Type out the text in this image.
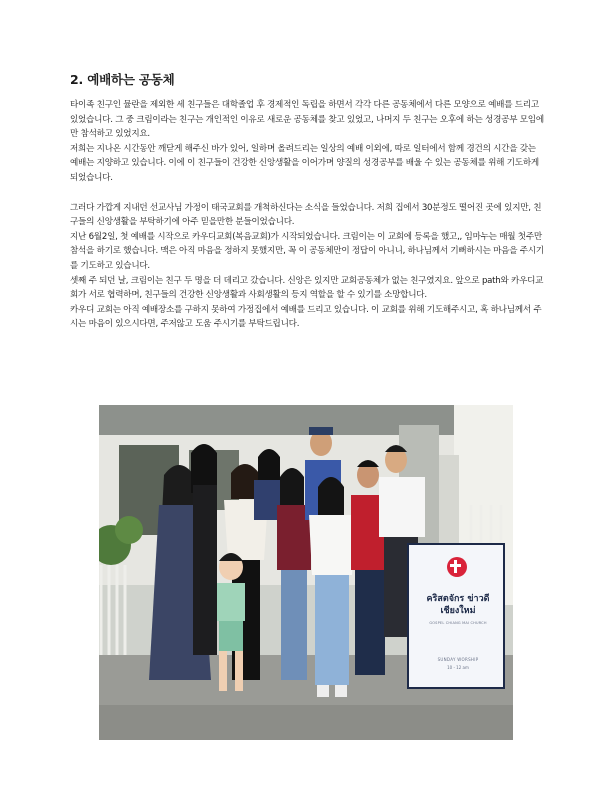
2. 예배하는 공동체

타이족 친구인 뮬란을 제외한 세 친구들은 대학졸업 후 경제적인 독립을 하면서 각각 다른 공동체에서 다른 모양으로 예배를 드리고 있었습니다. 그 중 크림이라는 친구는 개인적인 이유로 새로운 공동체를 찾고 있었고, 나머지 두 친구는 오후에 하는 성경공부 모임에만 참석하고 있었지요.

저희는 지나온 시간동안 깨닫게 해주신 바가 있어, 일하며 올려드리는 일상의 예배 이외에, 따로 일터에서 함께 경건의 시간을 갖는 예배는 지양하고 있습니다. 이에 이 친구들이 건강한 신앙생활을 이어가며 양질의 성경공부를 배울 수 있는 공동체를 위해 기도하게 되었습니다.

그러다 가깝게 지내던 선교사님 가정이 태국교회를 개척하신다는 소식을 들었습니다. 저희 집에서 30분정도 떨어진 곳에 있지만, 친구들의 신앙생활을 부탁하기에 아주 믿을만한 분들이었습니다.

지난 6월2일, 첫 예배를 시작으로 카우디교회(복음교회)가 시작되었습니다. 크림이는 이 교회에 등록을 했고,, 임마누는 매월 첫주만 참석을 하기로 했습니다. 맥은 아직 마음을 정하지 못했지만, 꼭 이 공동체만이 정답이 아니니, 하나님께서 기뻐하시는 마음을 주시기를 기도하고 있습니다.

셋째 주 되던 날, 크림이는 친구 두 명을 더 데리고 갔습니다. 신앙은 있지만 교회공동체가 없는 친구였지요. 앞으로 path와 카우디교회가 서로 협력하며, 친구들의 건강한 신앙생활과 사회생활의 등지 역할을 할 수 있기를 소망합니다.

카우디 교회는 아직 예배장소를 구하지 못하여 가정집에서 예배를 드리고 있습니다. 이 교회를 위해 기도해주시고, 혹 하나님께서 주시는 마음이 있으시다면, 주저않고 도움 주시기를 부탁드립니다.

คริสตจักร ข่าวดี เชียงใหม่
GOSPEL CHIANG MAI CHURCH
SUNDAY WORSHIP
10 - 12 am
